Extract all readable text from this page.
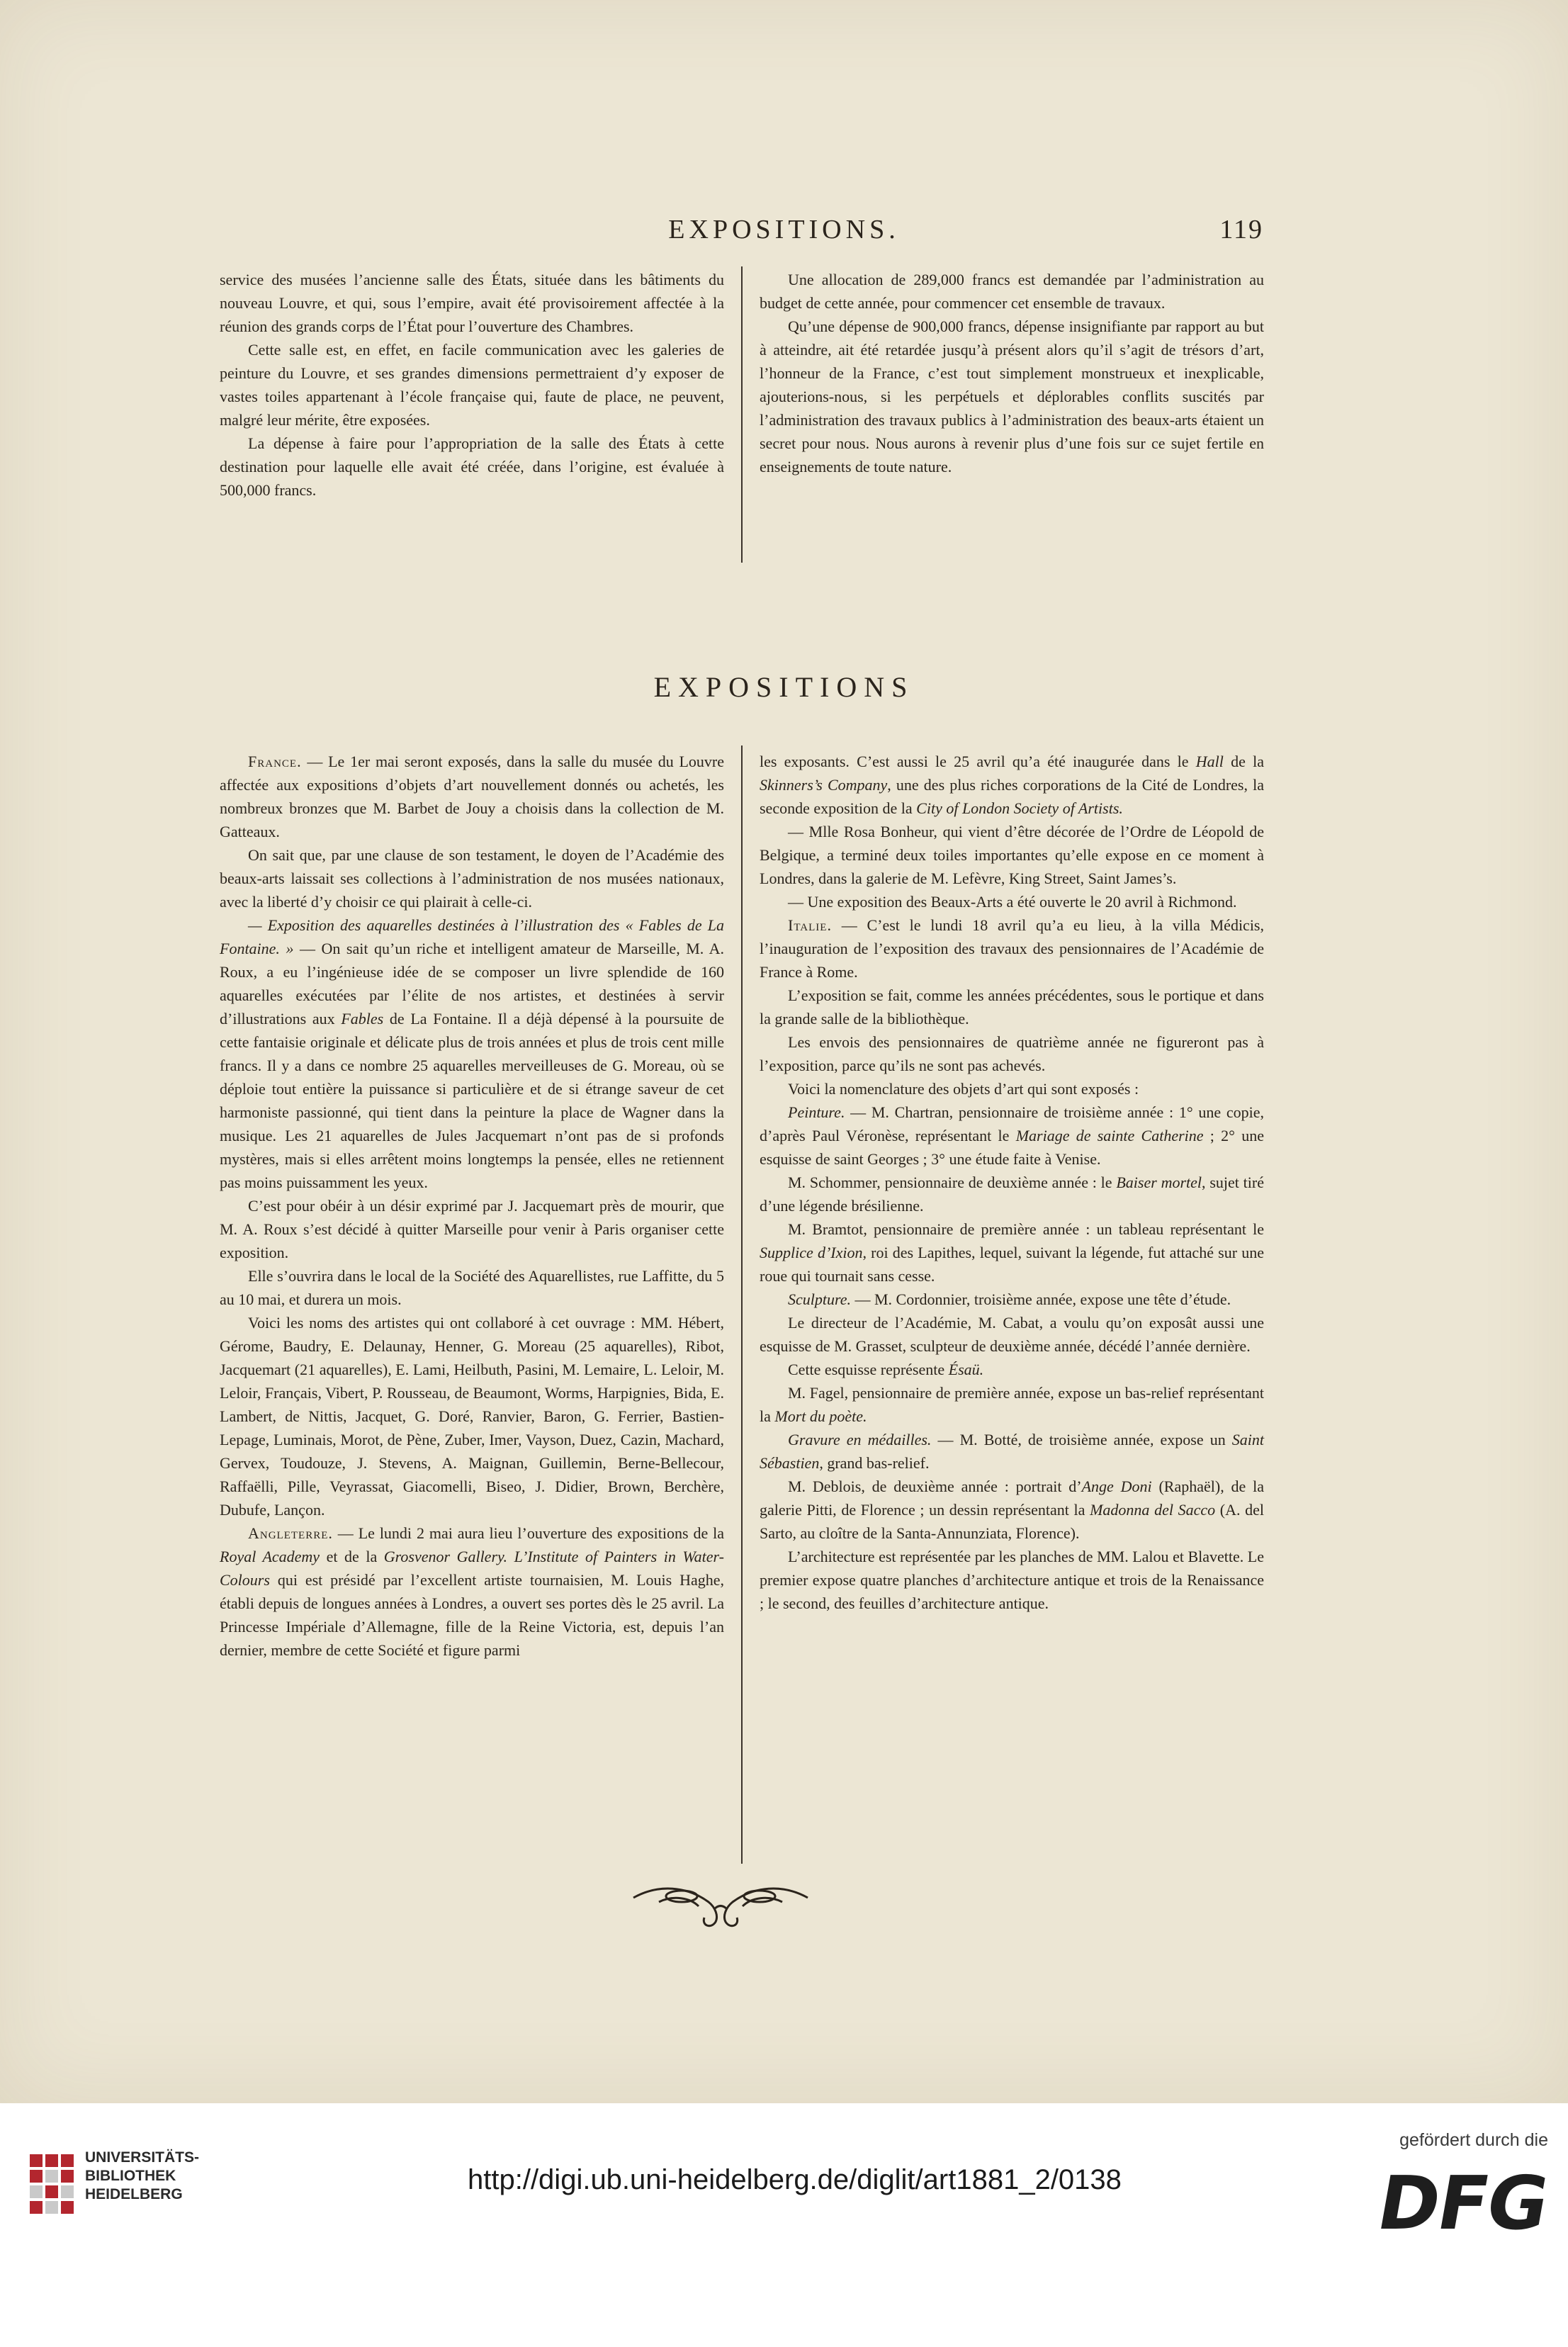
EXPOSITIONS.	119

service des musées l’ancienne salle des États, située dans les bâtiments du nouveau Louvre, et qui, sous l’empire, avait été provisoirement affectée à la réunion des grands corps de l’État pour l’ouverture des Chambres.

Cette salle est, en effet, en facile communication avec les galeries de peinture du Louvre, et ses grandes dimensions permettraient d’y exposer de vastes toiles appartenant à l’école française qui, faute de place, ne peuvent, malgré leur mérite, être exposées.

La dépense à faire pour l’appropriation de la salle des États à cette destination pour laquelle elle avait été créée, dans l’origine, est évaluée à 500,000 francs.

Une allocation de 289,000 francs est demandée par l’administration au budget de cette année, pour commencer cet ensemble de travaux.

Qu’une dépense de 900,000 francs, dépense insignifiante par rapport au but à atteindre, ait été retardée jusqu’à présent alors qu’il s’agit de trésors d’art, l’honneur de la France, c’est tout simplement monstrueux et inexplicable, ajouterions-nous, si les perpétuels et déplorables conflits suscités par l’administration des travaux publics à l’administration des beaux-arts étaient un secret pour nous. Nous aurons à revenir plus d’une fois sur ce sujet fertile en enseignements de toute nature.

EXPOSITIONS

France. — Le 1er mai seront exposés, dans la salle du musée du Louvre affectée aux expositions d’objets d’art nouvellement donnés ou achetés, les nombreux bronzes que M. Barbet de Jouy a choisis dans la collection de M. Gatteaux.

On sait que, par une clause de son testament, le doyen de l’Académie des beaux-arts laissait ses collections à l’administration de nos musées nationaux, avec la liberté d’y choisir ce qui plairait à celle-ci.

— Exposition des aquarelles destinées à l’illustration des « Fables de La Fontaine. » — On sait qu’un riche et intelligent amateur de Marseille, M. A. Roux, a eu l’ingénieuse idée de se composer un livre splendide de 160 aquarelles exécutées par l’élite de nos artistes, et destinées à servir d’illustrations aux Fables de La Fontaine. Il a déjà dépensé à la poursuite de cette fantaisie originale et délicate plus de trois années et plus de trois cent mille francs. Il y a dans ce nombre 25 aquarelles merveilleuses de G. Moreau, où se déploie tout entière la puissance si particulière et de si étrange saveur de cet harmoniste passionné, qui tient dans la peinture la place de Wagner dans la musique. Les 21 aquarelles de Jules Jacquemart n’ont pas de si profonds mystères, mais si elles arrêtent moins longtemps la pensée, elles ne retiennent pas moins puissamment les yeux.

C’est pour obéir à un désir exprimé par J. Jacquemart près de mourir, que M. A. Roux s’est décidé à quitter Marseille pour venir à Paris organiser cette exposition.

Elle s’ouvrira dans le local de la Société des Aquarellistes, rue Laffitte, du 5 au 10 mai, et durera un mois.

Voici les noms des artistes qui ont collaboré à cet ouvrage : MM. Hébert, Gérome, Baudry, E. Delaunay, Henner, G. Moreau (25 aquarelles), Ribot, Jacquemart (21 aquarelles), E. Lami, Heilbuth, Pasini, M. Lemaire, L. Leloir, M. Leloir, Français, Vibert, P. Rousseau, de Beaumont, Worms, Harpignies, Bida, E. Lambert, de Nittis, Jacquet, G. Doré, Ranvier, Baron, G. Ferrier, Bastien-Lepage, Luminais, Morot, de Pène, Zuber, Imer, Vayson, Duez, Cazin, Machard, Gervex, Toudouze, J. Stevens, A. Maignan, Guillemin, Berne-Bellecour, Raffaëlli, Pille, Veyrassat, Giacomelli, Biseo, J. Didier, Brown, Berchère, Dubufe, Lançon.

Angleterre. — Le lundi 2 mai aura lieu l’ouverture des expositions de la Royal Academy et de la Grosvenor Gallery. L’Institute of Painters in Water-Colours qui est présidé par l’excellent artiste tournaisien, M. Louis Haghe, établi depuis de longues années à Londres, a ouvert ses portes dès le 25 avril. La Princesse Impériale d’Allemagne, fille de la Reine Victoria, est, depuis l’an dernier, membre de cette Société et figure parmi

les exposants. C’est aussi le 25 avril qu’a été inaugurée dans le Hall de la Skinners’s Company, une des plus riches corporations de la Cité de Londres, la seconde exposition de la City of London Society of Artists.

— Mlle Rosa Bonheur, qui vient d’être décorée de l’Ordre de Léopold de Belgique, a terminé deux toiles importantes qu’elle expose en ce moment à Londres, dans la galerie de M. Lefèvre, King Street, Saint James’s.

— Une exposition des Beaux-Arts a été ouverte le 20 avril à Richmond.

Italie. — C’est le lundi 18 avril qu’a eu lieu, à la villa Médicis, l’inauguration de l’exposition des travaux des pensionnaires de l’Académie de France à Rome.

L’exposition se fait, comme les années précédentes, sous le portique et dans la grande salle de la bibliothèque.

Les envois des pensionnaires de quatrième année ne figureront pas à l’exposition, parce qu’ils ne sont pas achevés.

Voici la nomenclature des objets d’art qui sont exposés :

Peinture. — M. Chartran, pensionnaire de troisième année : 1° une copie, d’après Paul Véronèse, représentant le Mariage de sainte Catherine ; 2° une esquisse de saint Georges ; 3° une étude faite à Venise.

M. Schommer, pensionnaire de deuxième année : le Baiser mortel, sujet tiré d’une légende brésilienne.

M. Bramtot, pensionnaire de première année : un tableau représentant le Supplice d’Ixion, roi des Lapithes, lequel, suivant la légende, fut attaché sur une roue qui tournait sans cesse.

Sculpture. — M. Cordonnier, troisième année, expose une tête d’étude.

Le directeur de l’Académie, M. Cabat, a voulu qu’on exposât aussi une esquisse de M. Grasset, sculpteur de deuxième année, décédé l’année dernière.

Cette esquisse représente Ésaü.

M. Fagel, pensionnaire de première année, expose un bas-relief représentant la Mort du poète.

Gravure en médailles. — M. Botté, de troisième année, expose un Saint Sébastien, grand bas-relief.

M. Deblois, de deuxième année : portrait d’Ange Doni (Raphaël), de la galerie Pitti, de Florence ; un dessin représentant la Madonna del Sacco (A. del Sarto, au cloître de la Santa-Annunziata, Florence).

L’architecture est représentée par les planches de MM. Lalou et Blavette. Le premier expose quatre planches d’architecture antique et trois de la Renaissance ; le second, des feuilles d’architecture antique.

UNIVERSITÄTS-
BIBLIOTHEK
HEIDELBERG	http://digi.ub.uni-heidelberg.de/diglit/art1881_2/0138
gefördert durch die
DFG
